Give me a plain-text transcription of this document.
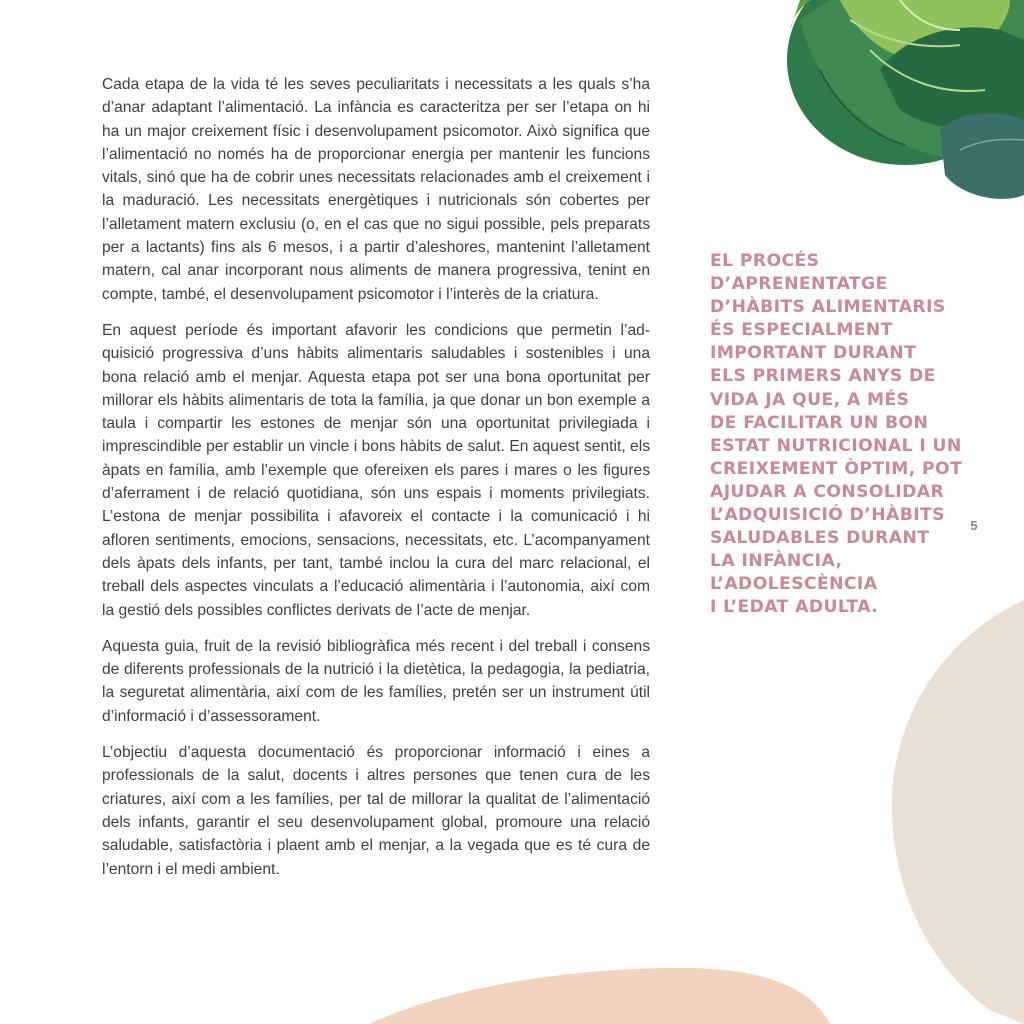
Cada etapa de la vida té les seves peculiaritats i necessitats a les quals s’ha d’anar adaptant l’alimentació. La infància es caracteritza per ser l’etapa on hi ha un major creixement físic i desenvolupament psicomotor. Això significa que l’alimentació no només ha de proporcionar energia per mantenir les funcions vitals, sinó que ha de cobrir unes necessitats relacionades amb el creixement i la maduració. Les necessitats energètiques i nutricionals són cobertes per l’alletament matern exclusiu (o, en el cas que no sigui possible, pels preparats per a lactants) fins als 6 mesos, i a partir d’aleshores, mantenint l’alletament matern, cal anar incorporant nous aliments de manera progressiva, tenint en compte, també, el desenvolupament psicomotor i l’interès de la criatura.

En aquest període és important afavorir les condicions que permetin l’adquisició progressiva d’uns hàbits alimentaris saludables i sostenibles i una bona relació amb el menjar. Aquesta etapa pot ser una bona oportunitat per millorar els hàbits alimentaris de tota la família, ja que donar un bon exemple a taula i compartir les estones de menjar són una oportunitat privilegiada i imprescindible per establir un vincle i bons hàbits de salut. En aquest sentit, els àpats en família, amb l’exemple que ofereixen els pares i mares o les figures d’aferrament i de relació quotidiana, són uns espais i moments privilegiats. L’estona de menjar possibilita i afavoreix el contacte i la comunicació i hi afloren sentiments, emocions, sensacions, necessitats, etc. L’acompanyament dels àpats dels infants, per tant, també inclou la cura del marc relacional, el treball dels aspectes vinculats a l’educació alimentària i l’autonomia, així com la gestió dels possibles conflictes derivats de l’acte de menjar.

Aquesta guia, fruit de la revisió bibliogràfica més recent i del treball i consens de diferents professionals de la nutrició i la dietètica, la pedagogia, la pediatria, la seguretat alimentària, així com de les famílies, pretén ser un instrument útil d’informació i d’assessorament.

L’objectiu d’aquesta documentació és proporcionar informació i eines a professionals de la salut, docents i altres persones que tenen cura de les criatures, així com a les famílies, per tal de millorar la qualitat de l’alimentació dels infants, garantir el seu desenvolupament global, promoure una relació saludable, satisfactòria i plaent amb el menjar, a la vegada que es té cura de l’entorn i el medi ambient.

EL PROCÉS
D’APRENENTATGE
D’HÀBITS ALIMENTARIS
ÉS ESPECIALMENT
IMPORTANT DURANT
ELS PRIMERS ANYS DE
VIDA JA QUE, A MÉS
DE FACILITAR UN BON
ESTAT NUTRICIONAL I UN
CREIXEMENT ÒPTIM, POT
AJUDAR A CONSOLIDAR
L’ADQUISICIÓ D’HÀBITS
SALUDABLES DURANT
LA INFÀNCIA,
L’ADOLESCÈNCIA
I L’EDAT ADULTA.
5
